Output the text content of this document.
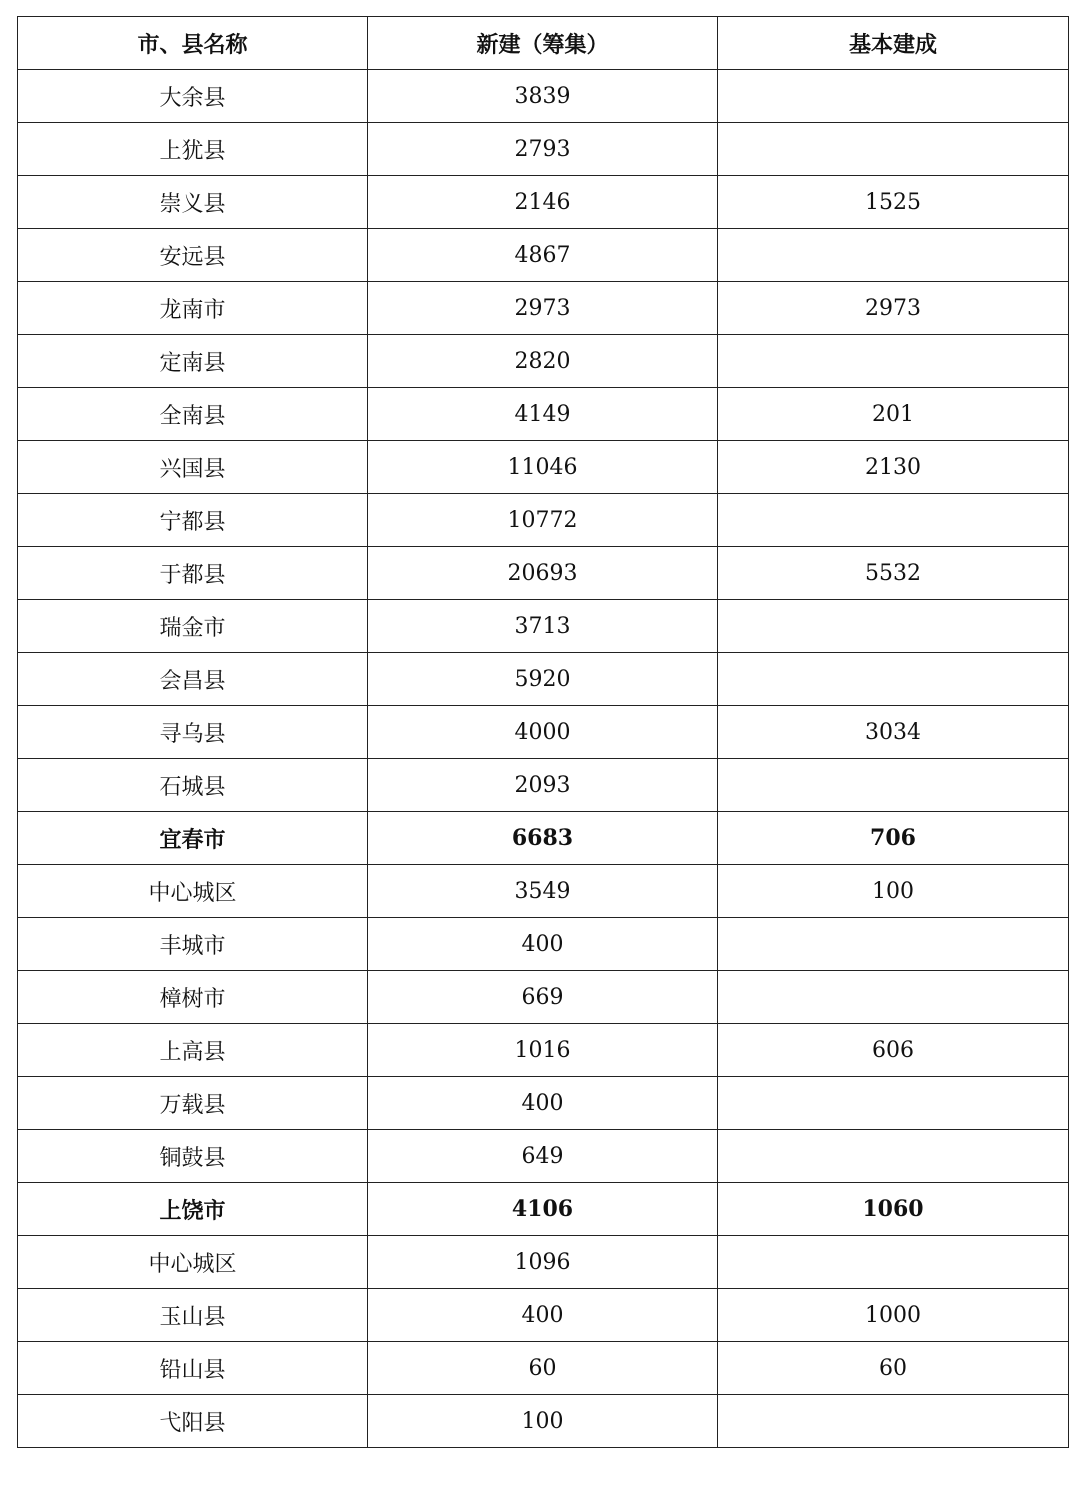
市、县名称	新建（筹集）	基本建成
大余县	3839	
上犹县	2793	
崇义县	2146	1525
安远县	4867	
龙南市	2973	2973
定南县	2820	
全南县	4149	201
兴国县	11046	2130
宁都县	10772	
于都县	20693	5532
瑞金市	3713	
会昌县	5920	
寻乌县	4000	3034
石城县	2093	
宜春市	6683	706
中心城区	3549	100
丰城市	400	
樟树市	669	
上高县	1016	606
万载县	400	
铜鼓县	649	
上饶市	4106	1060
中心城区	1096	
玉山县	400	1000
铅山县	60	60
弋阳县	100	
